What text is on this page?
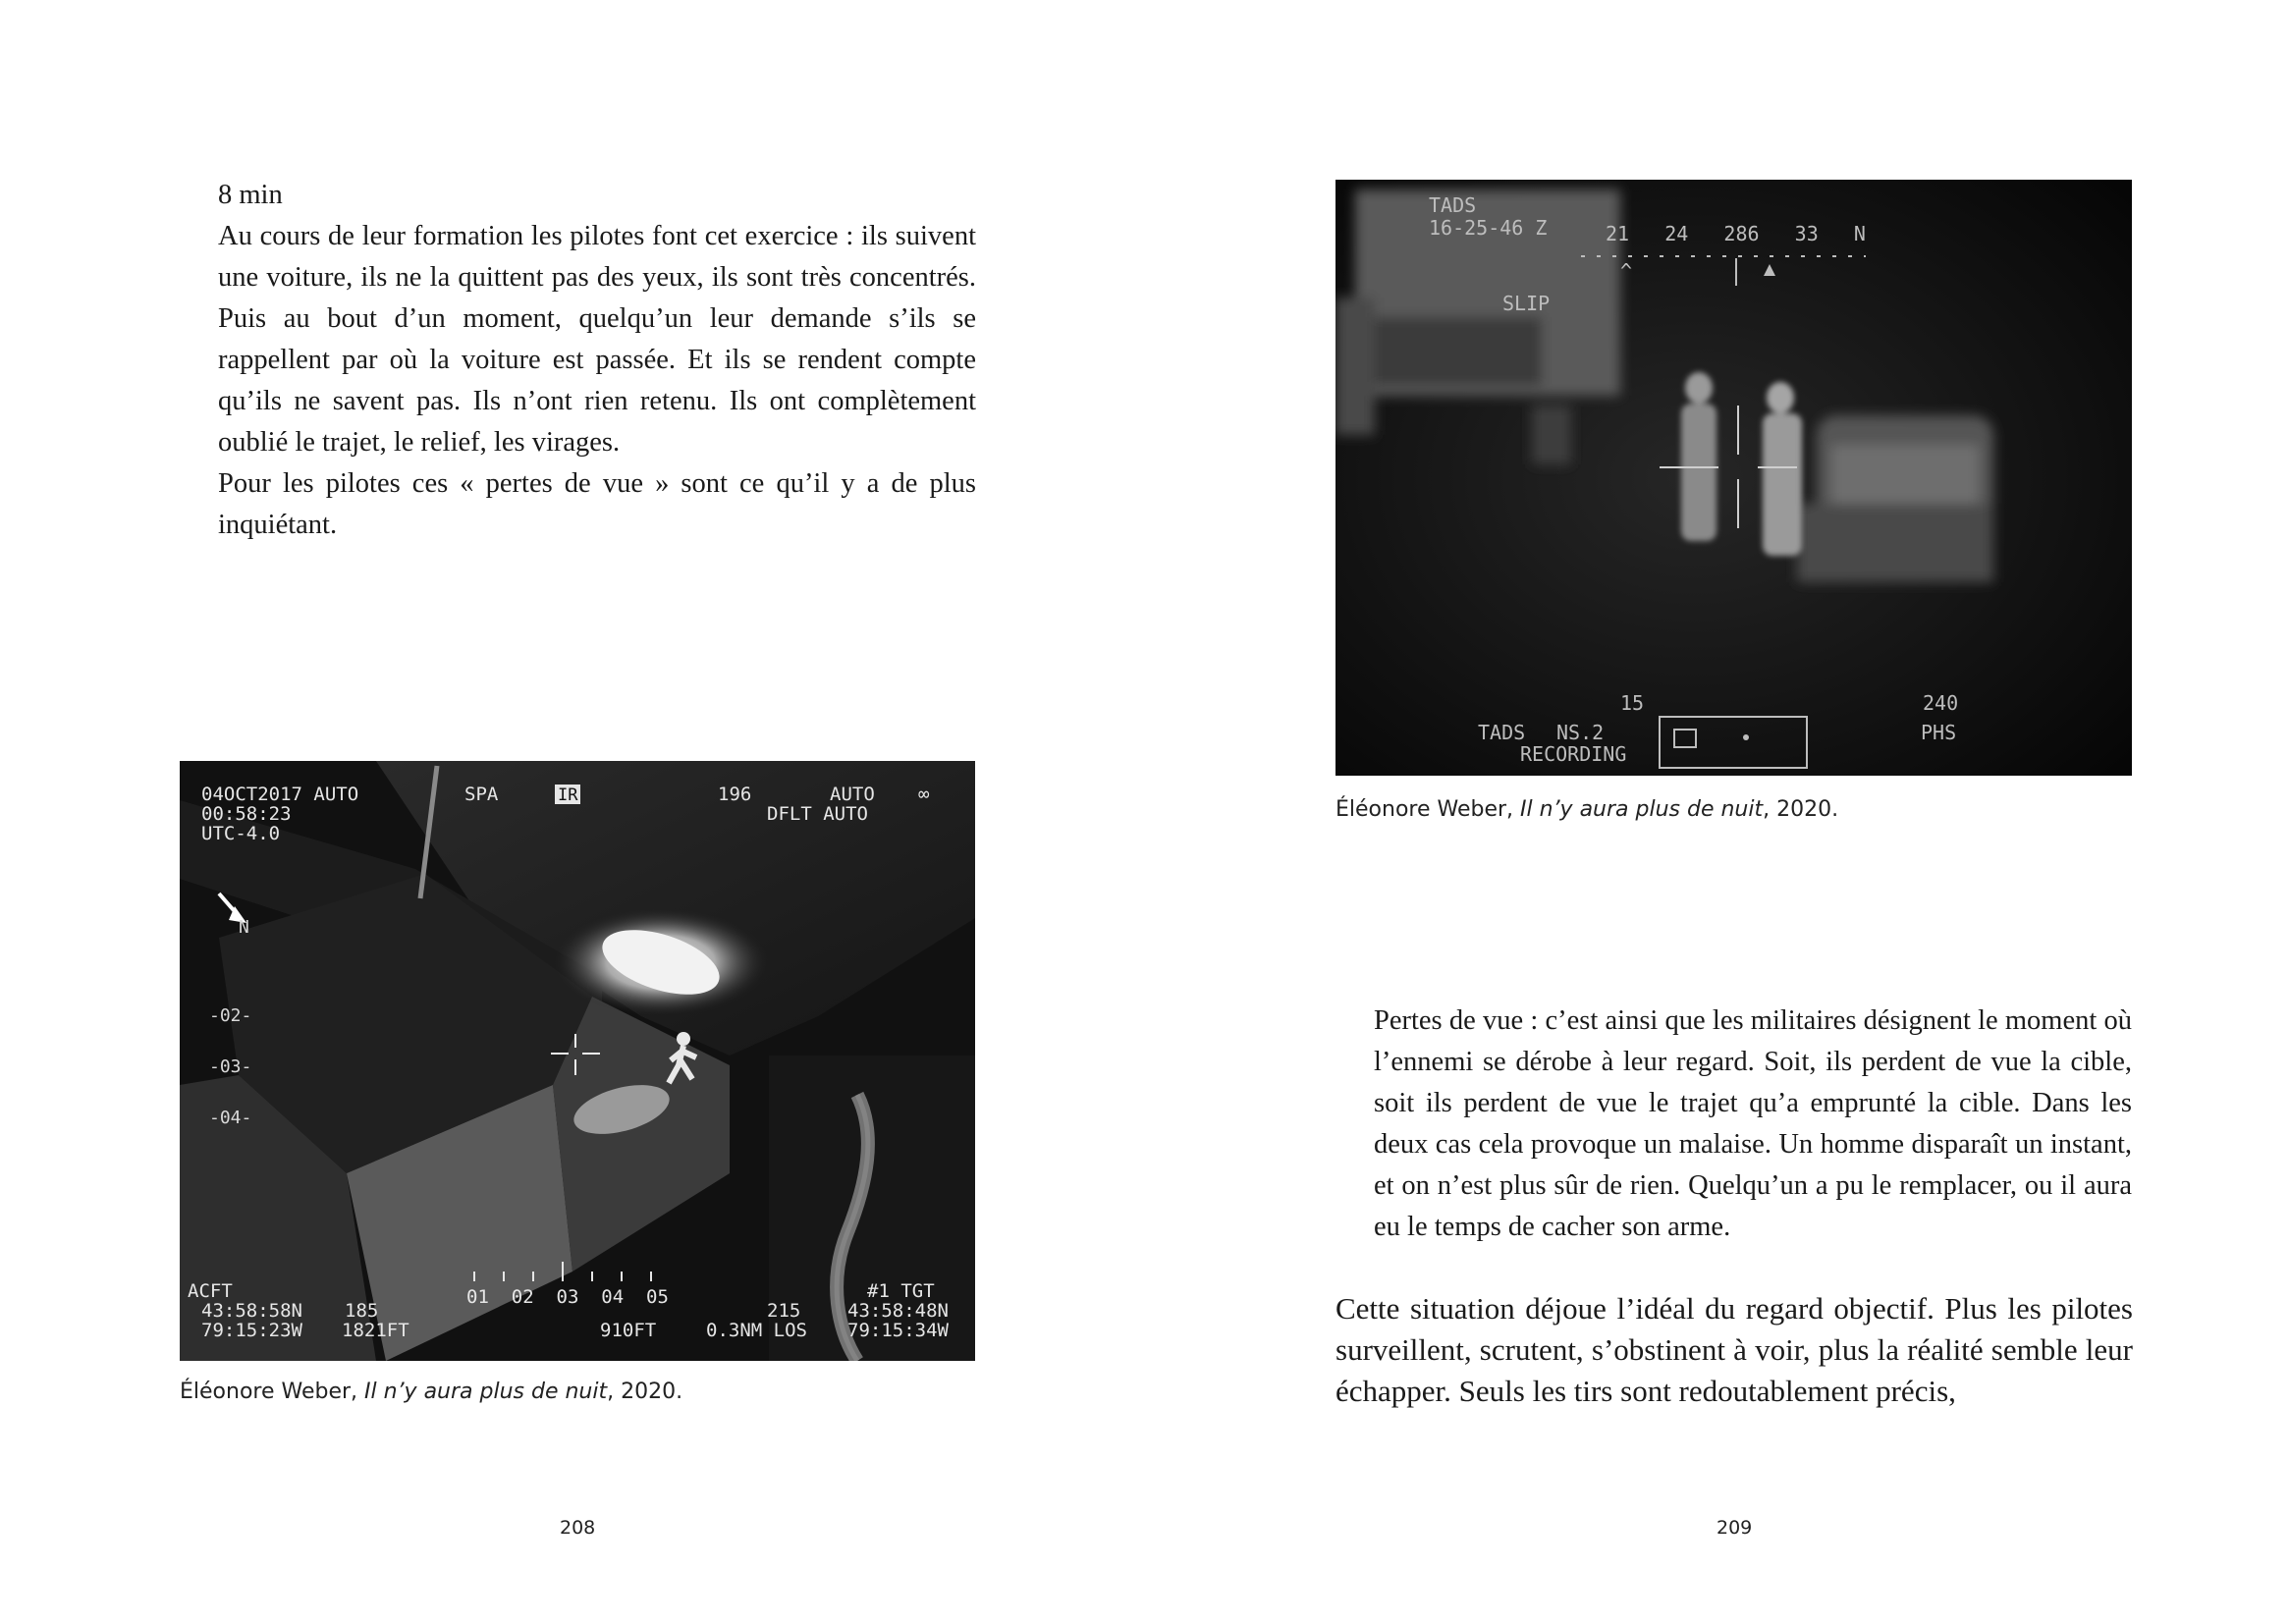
8 min

Au cours de leur formation les pilotes font cet exercice : ils suivent une voiture, ils ne la quittent pas des yeux, ils sont très concentrés. Puis au bout d’un moment, quelqu’un leur demande s’ils se rappellent par où la voiture est passée. Et ils se rendent compte qu’ils ne savent pas. Ils n’ont rien retenu. Ils ont complètement oublié le trajet, le relief, les virages.

Pour les pilotes ces « pertes de vue » sont ce qu’il y a de plus inquiétant.

04OCT2017 AUTO
00:58:23
UTC-4.0
SPA	IR	196	AUTO ∞
DFLT AUTO
N
-02-
-03-
-04-
ACFT
43:58:58N
79:15:23W
185
1821FT
01  02  03  04  05
910FT	0.3NM LOS
#1 TGT
215	43:58:48N
79:15:34W
Éléonore Weber, Il n’y aura plus de nuit, 2020.
208
TADS
16-25-46 Z	21   24   286   33   N
^
SLIP
15	240
TADS NS.2
RECORDING
PHS
Éléonore Weber, Il n’y aura plus de nuit, 2020.
Pertes de vue : c’est ainsi que les militaires désignent le moment où l’ennemi se dérobe à leur regard. Soit, ils perdent de vue la cible, soit ils perdent de vue le trajet qu’a emprunté la cible. Dans les deux cas cela provoque un malaise. Un homme disparaît un instant, et on n’est plus sûr de rien. Quelqu’un a pu le remplacer, ou il aura eu le temps de cacher son arme.
Cette situation déjoue l’idéal du regard objectif. Plus les pilotes surveillent, scrutent, s’obstinent à voir, plus la réalité semble leur échapper. Seuls les tirs sont redoutablement précis,
209
